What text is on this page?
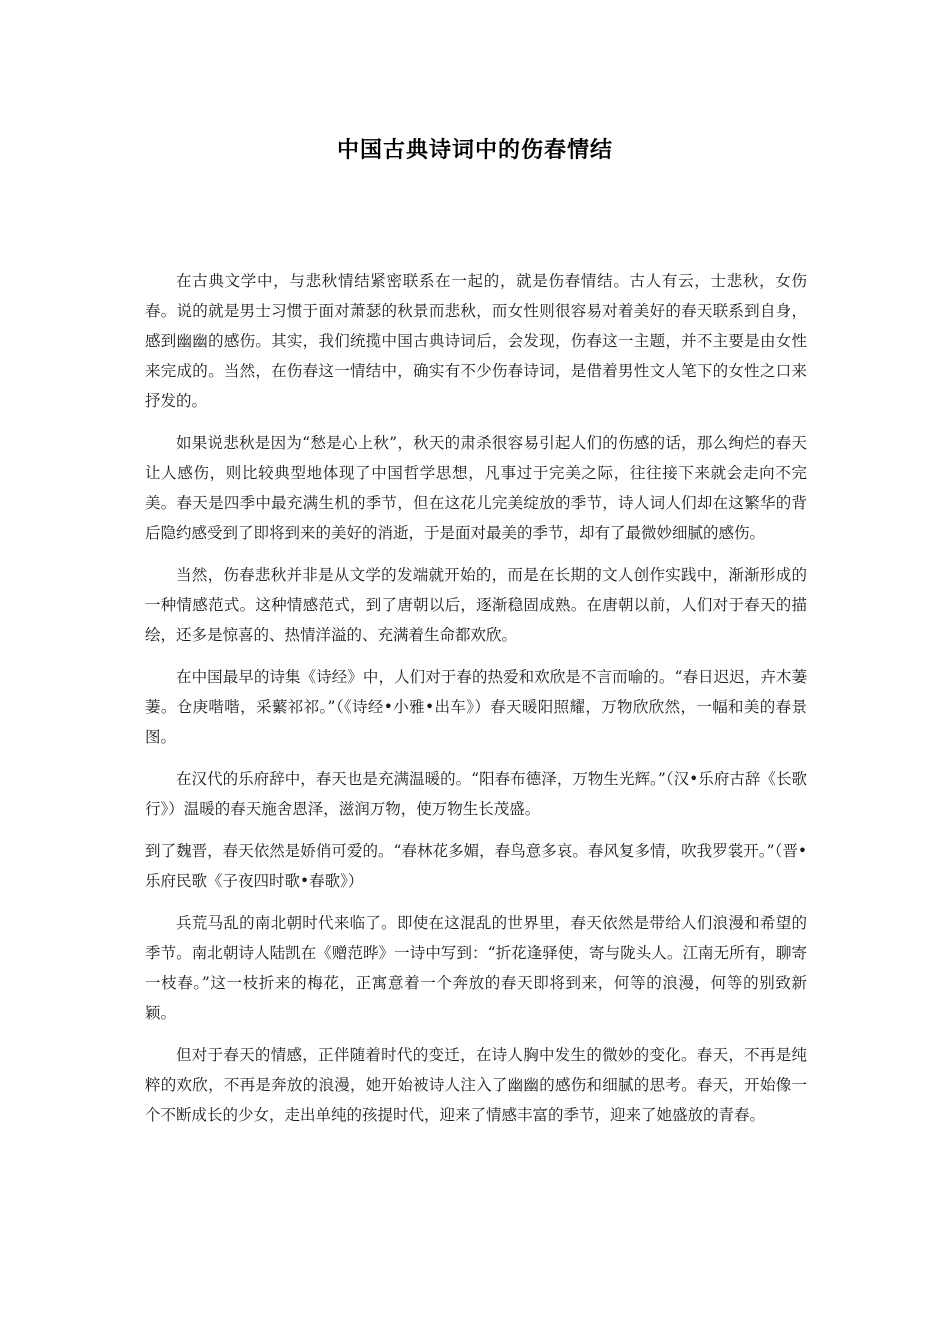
中国古典诗词中的伤春情结

在古典文学中，与悲秋情结紧密联系在一起的，就是伤春情结。古人有云，士悲秋，女伤春。说的就是男士习惯于面对萧瑟的秋景而悲秋，而女性则很容易对着美好的春天联系到自身，感到幽幽的感伤。其实，我们统揽中国古典诗词后，会发现，伤春这一主题，并不主要是由女性来完成的。当然，在伤春这一情结中，确实有不少伤春诗词，是借着男性文人笔下的女性之口来抒发的。

如果说悲秋是因为“愁是心上秋”，秋天的肃杀很容易引起人们的伤感的话，那么绚烂的春天让人感伤，则比较典型地体现了中国哲学思想，凡事过于完美之际，往往接下来就会走向不完美。春天是四季中最充满生机的季节，但在这花儿完美绽放的季节，诗人词人们却在这繁华的背后隐约感受到了即将到来的美好的消逝，于是面对最美的季节，却有了最微妙细腻的感伤。

当然，伤春悲秋并非是从文学的发端就开始的，而是在长期的文人创作实践中，渐渐形成的一种情感范式。这种情感范式，到了唐朝以后，逐渐稳固成熟。在唐朝以前，人们对于春天的描绘，还多是惊喜的、热情洋溢的、充满着生命都欢欣。

在中国最早的诗集《诗经》中，人们对于春的热爱和欢欣是不言而喻的。“春日迟迟，卉木萋萋。仓庚喈喈，采蘩祁祁。”（《诗经•小雅•出车》）春天暖阳照耀，万物欣欣然，一幅和美的春景图。

在汉代的乐府辞中，春天也是充满温暖的。“阳春布德泽，万物生光辉。”（汉•乐府古辞《长歌行》）温暖的春天施舍恩泽，滋润万物，使万物生长茂盛。

到了魏晋，春天依然是娇俏可爱的。“春林花多媚，春鸟意多哀。春风复多情，吹我罗裳开。”（晋•乐府民歌《子夜四时歌•春歌》）

兵荒马乱的南北朝时代来临了。即使在这混乱的世界里，春天依然是带给人们浪漫和希望的季节。南北朝诗人陆凯在《赠范晔》一诗中写到：“折花逢驿使，寄与陇头人。江南无所有，聊寄一枝春。”这一枝折来的梅花，正寓意着一个奔放的春天即将到来，何等的浪漫，何等的别致新颖。

但对于春天的情感，正伴随着时代的变迁，在诗人胸中发生的微妙的变化。春天，不再是纯粹的欢欣，不再是奔放的浪漫，她开始被诗人注入了幽幽的感伤和细腻的思考。春天，开始像一个不断成长的少女，走出单纯的孩提时代，迎来了情感丰富的季节，迎来了她盛放的青春。
